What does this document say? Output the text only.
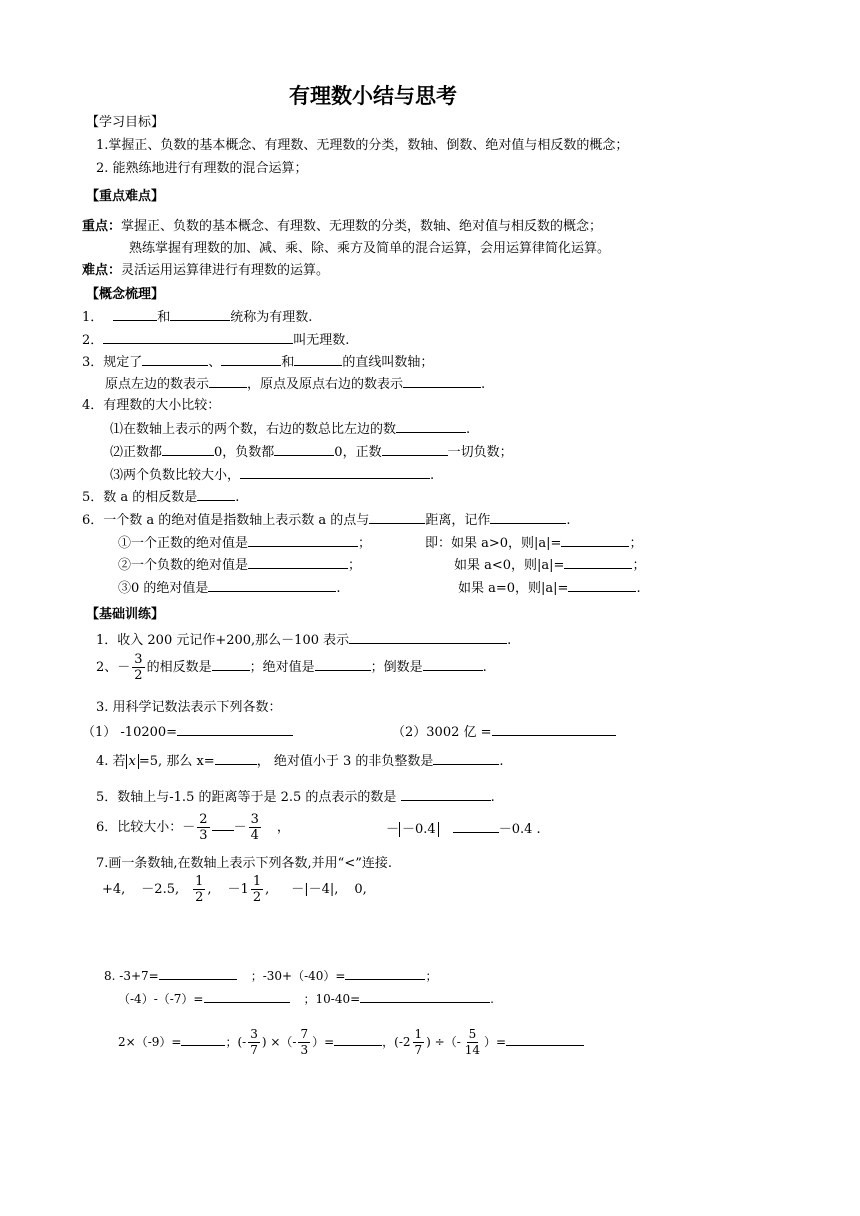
有理数小结与思考
【学习目标】
1.掌握正、负数的基本概念、有理数、无理数的分类，数轴、倒数、绝对值与相反数的概念；
2. 能熟练地进行有理数的混合运算；
【重点难点】
重点：掌握正、负数的基本概念、有理数、无理数的分类，数轴、绝对值与相反数的概念；
熟练掌握有理数的加、减、乘、除、乘方及简单的混合运算，会用运算律简化运算。
难点：灵活运用运算律进行有理数的运算。
【概念梳理】
1．	和	统称为有理数.
2．	叫无理数.
3．规定了	、	和	的直线叫数轴；
原点左边的数表示	，原点及原点右边的数表示	.
4．有理数的大小比较：
⑴在数轴上表示的两个数，右边的数总比左边的数	.
⑵正数都	0，负数都	0，正数	一切负数；
⑶两个负数比较大小，	.
5．数 a 的相反数是	.
6．一个数 a 的绝对值是指数轴上表示数 a 的点与	距离，记作	.
①一个正数的绝对值是	；	即：如果 a>0，则|a|=	；
②一个负数的绝对值是	；	如果 a<0，则|a|=	；
③0 的绝对值是	.	如果 a=0，则|a|=	.
【基础训练】
1．收入 200 元记作+200,那么－100 表示	.
2、－ $\frac{3}{2}$ 的相反数是	；绝对值是	；倒数是	.
3. 用科学记数法表示下列各数：
（1） -10200=	（2）3002 亿 =
4. 若 x =5, 那么 x=	， 绝对值小于 3 的非负整数是	.
5．数轴上与-1.5 的距离等于是 2.5 的点表示的数是	.
6．比较大小：－ $\frac{2}{3} - \frac{3}{4}$ ，	－ －0.4	－0.4 .
7.画一条数轴,在数轴上表示下列各数,并用“<”连接.
+4, －2.5, $\frac{1}{2}$ , $-1 \frac{1}{2}$ , －|－4|, 0,
8. -3+7=	；-30+（-40）=	；
（-4）-（-7）=	；10-40=	.
2×（-9）=	；(- $\frac{3}{7}$ ) ×（- $\frac{7}{3}$ ）=	，($-2 \frac{1}{7}$ ) ÷（- $\frac{5}{14}$ ）=
